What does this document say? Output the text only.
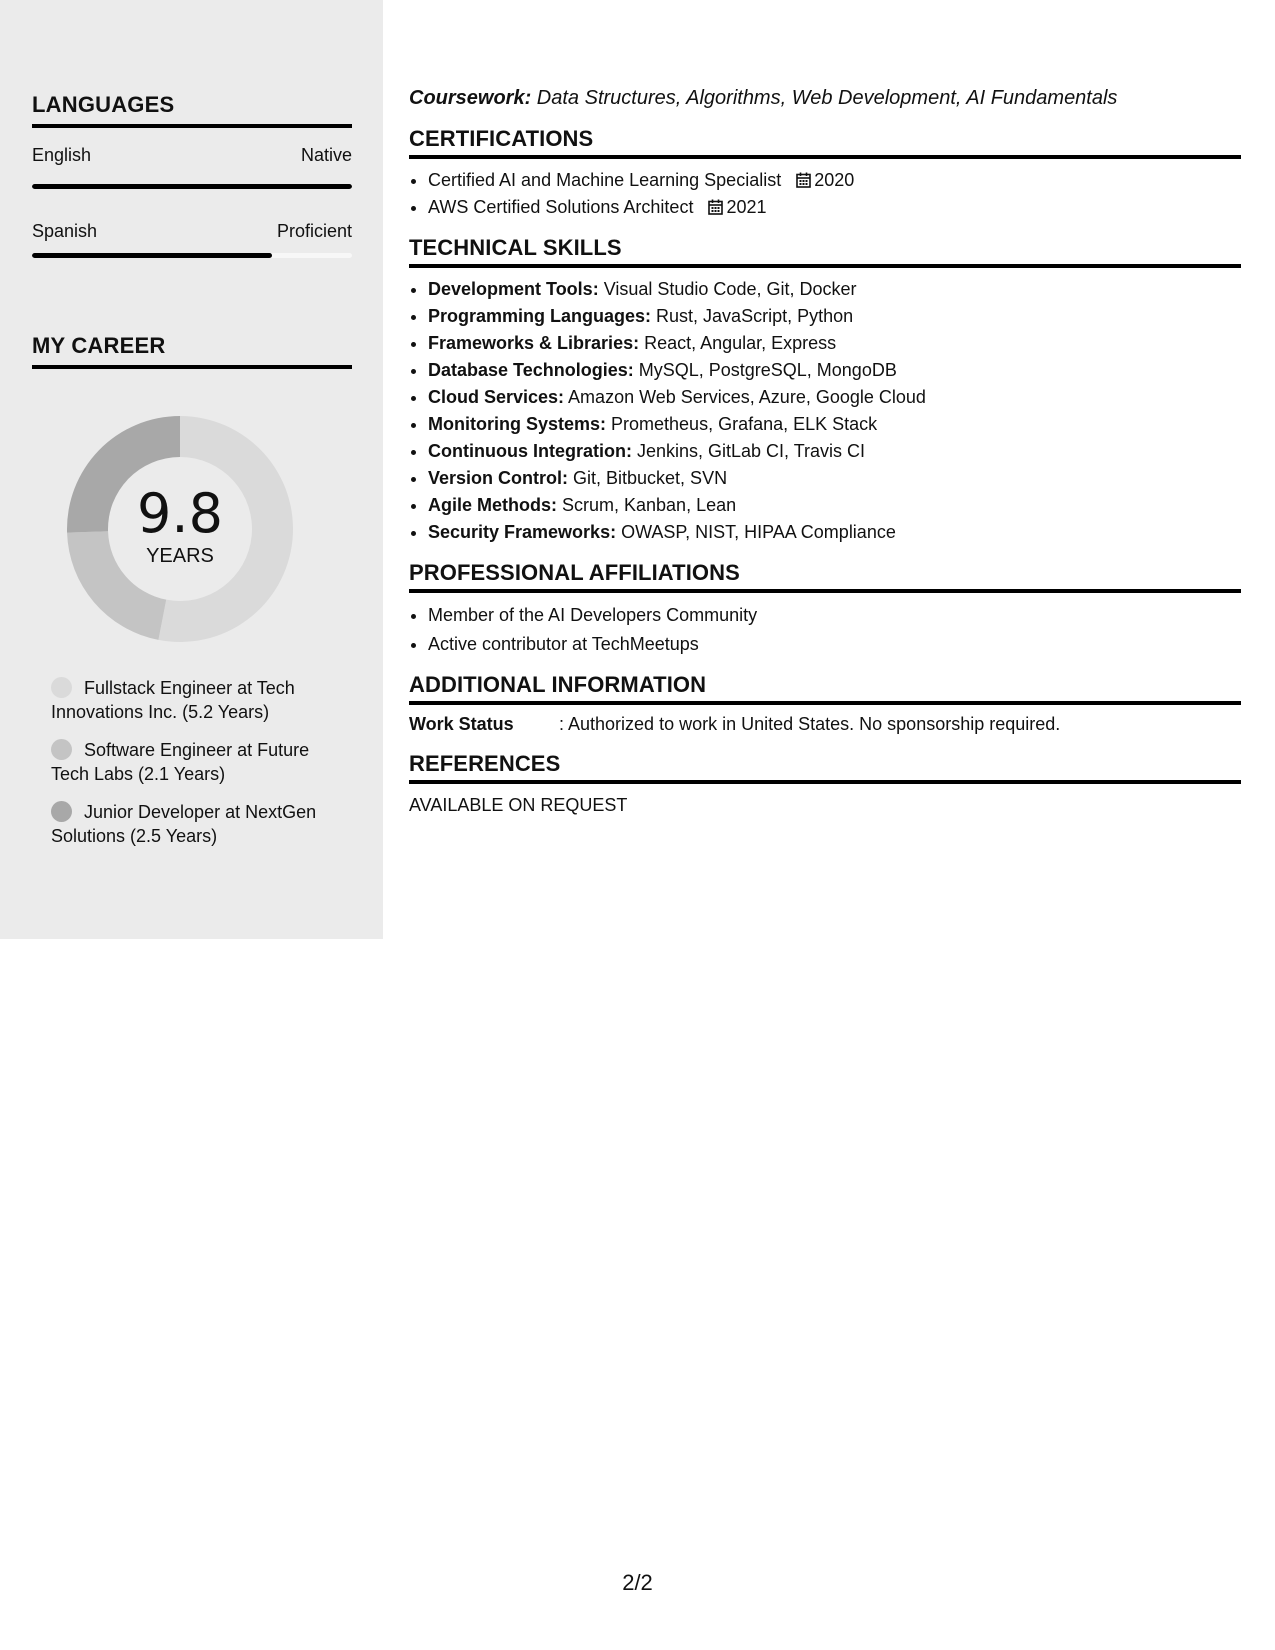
LANGUAGES
English	Native
Spanish	Proficient
MY CAREER
9.8
YEARS
Fullstack Engineer at Tech Innovations Inc. (5.2 Years)
Software Engineer at Future Tech Labs (2.1 Years)
Junior Developer at NextGen Solutions (2.5 Years)

Coursework: Data Structures, Algorithms, Web Development, AI Fundamentals

CERTIFICATIONS
• Certified AI and Machine Learning Specialist 2020
• AWS Certified Solutions Architect 2021
TECHNICAL SKILLS
• Development Tools: Visual Studio Code, Git, Docker
• Programming Languages: Rust, JavaScript, Python
• Frameworks & Libraries: React, Angular, Express
• Database Technologies: MySQL, PostgreSQL, MongoDB
• Cloud Services: Amazon Web Services, Azure, Google Cloud
• Monitoring Systems: Prometheus, Grafana, ELK Stack
• Continuous Integration: Jenkins, GitLab CI, Travis CI
• Version Control: Git, Bitbucket, SVN
• Agile Methods: Scrum, Kanban, Lean
• Security Frameworks: OWASP, NIST, HIPAA Compliance
PROFESSIONAL AFFILIATIONS
• Member of the AI Developers Community
• Active contributor at TechMeetups
ADDITIONAL INFORMATION
Work Status	: Authorized to work in United States. No sponsorship required.
REFERENCES

AVAILABLE ON REQUEST

2/2
